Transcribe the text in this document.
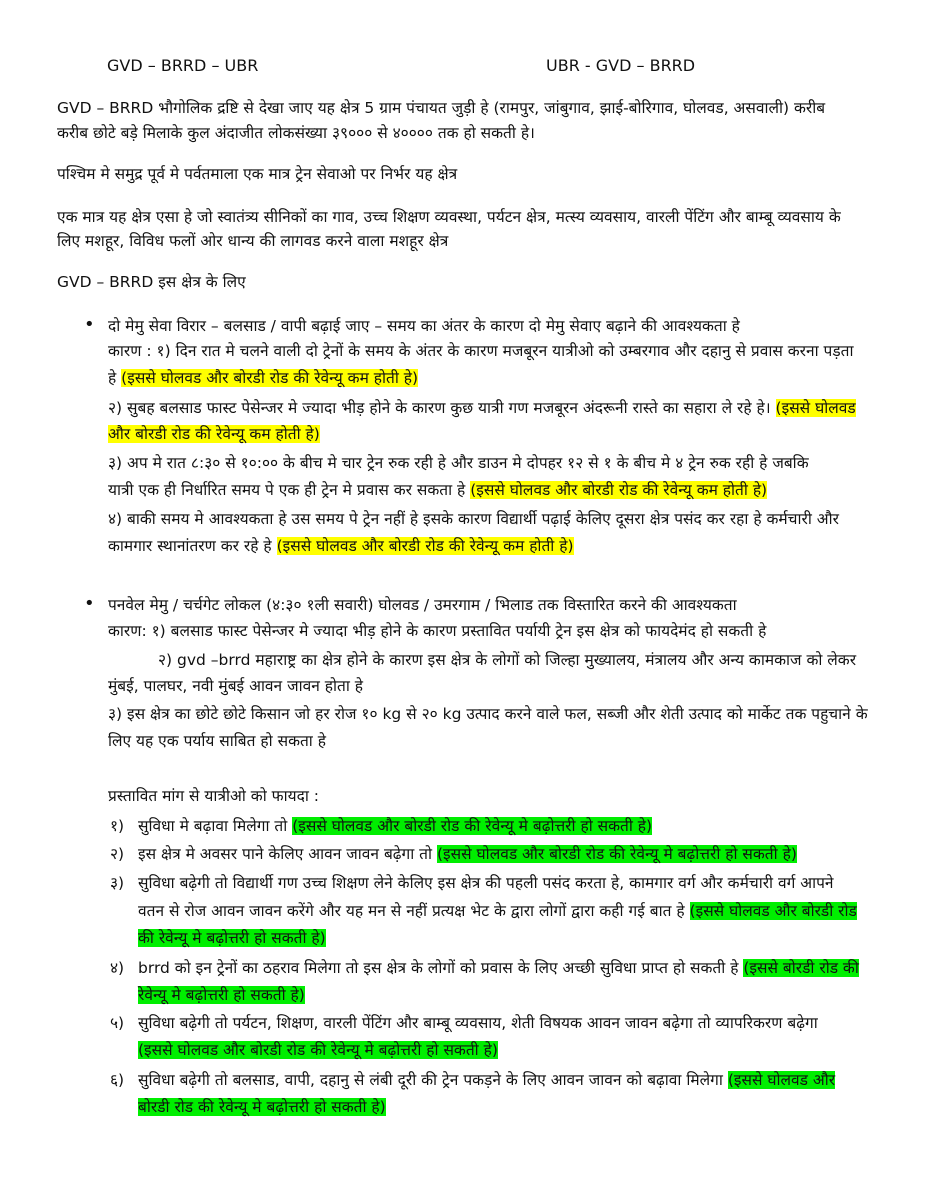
GVD – BRRD – UBR	UBR - GVD – BRRD
GVD – BRRD भौगोलिक द्रष्टि से देखा जाए यह क्षेत्र 5 ग्राम पंचायत जुड़ी हे (रामपुर, जांबुगाव, झाई-बोरिगाव, घोलवड, असवाली) करीब
करीब छोटे बड़े मिलाके कुल अंदाजीत लोकसंख्या ३९००० से ४०००० तक हो सकती हे।
पश्चिम मे समुद्र पूर्व मे पर्वतमाला एक मात्र ट्रेन सेवाओ पर निर्भर यह क्षेत्र
एक मात्र यह क्षेत्र एसा हे जो स्वातंत्र्य सीनिकों का गाव, उच्च शिक्षण व्यवस्था, पर्यटन क्षेत्र, मत्स्य व्यवसाय, वारली पेंटिंग और बाम्बू व्यवसाय के
लिए मशहूर, विविध फलों ओर धान्य की लागवड करने वाला मशहूर क्षेत्र
GVD – BRRD इस क्षेत्र के लिए
• दो मेमु सेवा विरार – बलसाड / वापी बढ़ाई जाए – समय का अंतर के कारण दो मेमु सेवाए बढ़ाने की आवश्यकता हे
कारण : १) दिन रात मे चलने वाली दो ट्रेनों के समय के अंतर के कारण मजबूरन यात्रीओ को उम्बरगाव और दहानु से प्रवास करना पड़ता
हे (इससे घोलवड और बोरडी रोड की रेवेन्यू कम होती हे)
२) सुबह बलसाड फास्ट पेसेन्जर मे ज्यादा भीड़ होने के कारण कुछ यात्री गण मजबूरन अंदरूनी रास्ते का सहारा ले रहे हे। (इससे घोलवड
और बोरडी रोड की रेवेन्यू कम होती हे)
३) अप मे रात ८:३० से १०:०० के बीच मे चार ट्रेन रुक रही हे और डाउन मे दोपहर १२ से १ के बीच मे ४ ट्रेन रुक रही हे जबकि
यात्री एक ही निर्धारित समय पे एक ही ट्रेन मे प्रवास कर सकता हे (इससे घोलवड और बोरडी रोड की रेवेन्यू कम होती हे)
४) बाकी समय मे आवश्यकता हे उस समय पे ट्रेन नहीं हे इसके कारण विद्यार्थी पढ़ाई केलिए दूसरा क्षेत्र पसंद कर रहा हे कर्मचारी और
कामगार स्थानांतरण कर रहे हे (इससे घोलवड और बोरडी रोड की रेवेन्यू कम होती हे)
• पनवेल मेमु / चर्चगेट लोकल (४:३० १ली सवारी) घोलवड / उमरगाम / भिलाड तक विस्तारित करने की आवश्यकता
कारण: १) बलसाड फास्ट पेसेन्जर मे ज्यादा भीड़ होने के कारण प्रस्तावित पर्यायी ट्रेन इस क्षेत्र को फायदेमंद हो सकती हे
२) gvd –brrd महाराष्ट्र का क्षेत्र होने के कारण इस क्षेत्र के लोगों को जिल्हा मुख्यालय, मंत्रालय और अन्य कामकाज को लेकर
मुंबई, पालघर, नवी मुंबई आवन जावन होता हे
३) इस क्षेत्र का छोटे छोटे किसान जो हर रोज १० kg से २० kg उत्पाद करने वाले फल, सब्जी और शेती उत्पाद को मार्केट तक पहुचाने के
लिए यह एक पर्याय साबित हो सकता हे
प्रस्तावित मांग से यात्रीओ को फायदा :
१) सुविधा मे बढ़ावा मिलेगा तो (इससे घोलवड और बोरडी रोड की रेवेन्यू मे बढ़ोत्तरी हो सकती हे)
२) इस क्षेत्र मे अवसर पाने केलिए आवन जावन बढ़ेगा तो (इससे घोलवड और बोरडी रोड की रेवेन्यू मे बढ़ोत्तरी हो सकती हे)
३) सुविधा बढ़ेगी तो विद्यार्थी गण उच्च शिक्षण लेने केलिए इस क्षेत्र की पहली पसंद करता हे, कामगार वर्ग और कर्मचारी वर्ग आपने
वतन से रोज आवन जावन करेंगे और यह मन से नहीं प्रत्यक्ष भेट के द्वारा लोगों द्वारा कही गई बात हे (इससे घोलवड और बोरडी रोड
की रेवेन्यू मे बढ़ोत्तरी हो सकती हे)
४) brrd को इन ट्रेनों का ठहराव मिलेगा तो इस क्षेत्र के लोगों को प्रवास के लिए अच्छी सुविधा प्राप्त हो सकती हे (इससे बोरडी रोड की
रेवेन्यू मे बढ़ोत्तरी हो सकती हे)
५) सुविधा बढ़ेगी तो पर्यटन, शिक्षण, वारली पेंटिंग और बाम्बू व्यवसाय, शेती विषयक आवन जावन बढ़ेगा तो व्यापरिकरण बढ़ेगा
(इससे घोलवड और बोरडी रोड की रेवेन्यू मे बढ़ोत्तरी हो सकती हे)
६) सुविधा बढ़ेगी तो बलसाड, वापी, दहानु से लंबी दूरी की ट्रेन पकड़ने के लिए आवन जावन को बढ़ावा मिलेगा (इससे घोलवड और
बोरडी रोड की रेवेन्यू मे बढ़ोत्तरी हो सकती हे)
